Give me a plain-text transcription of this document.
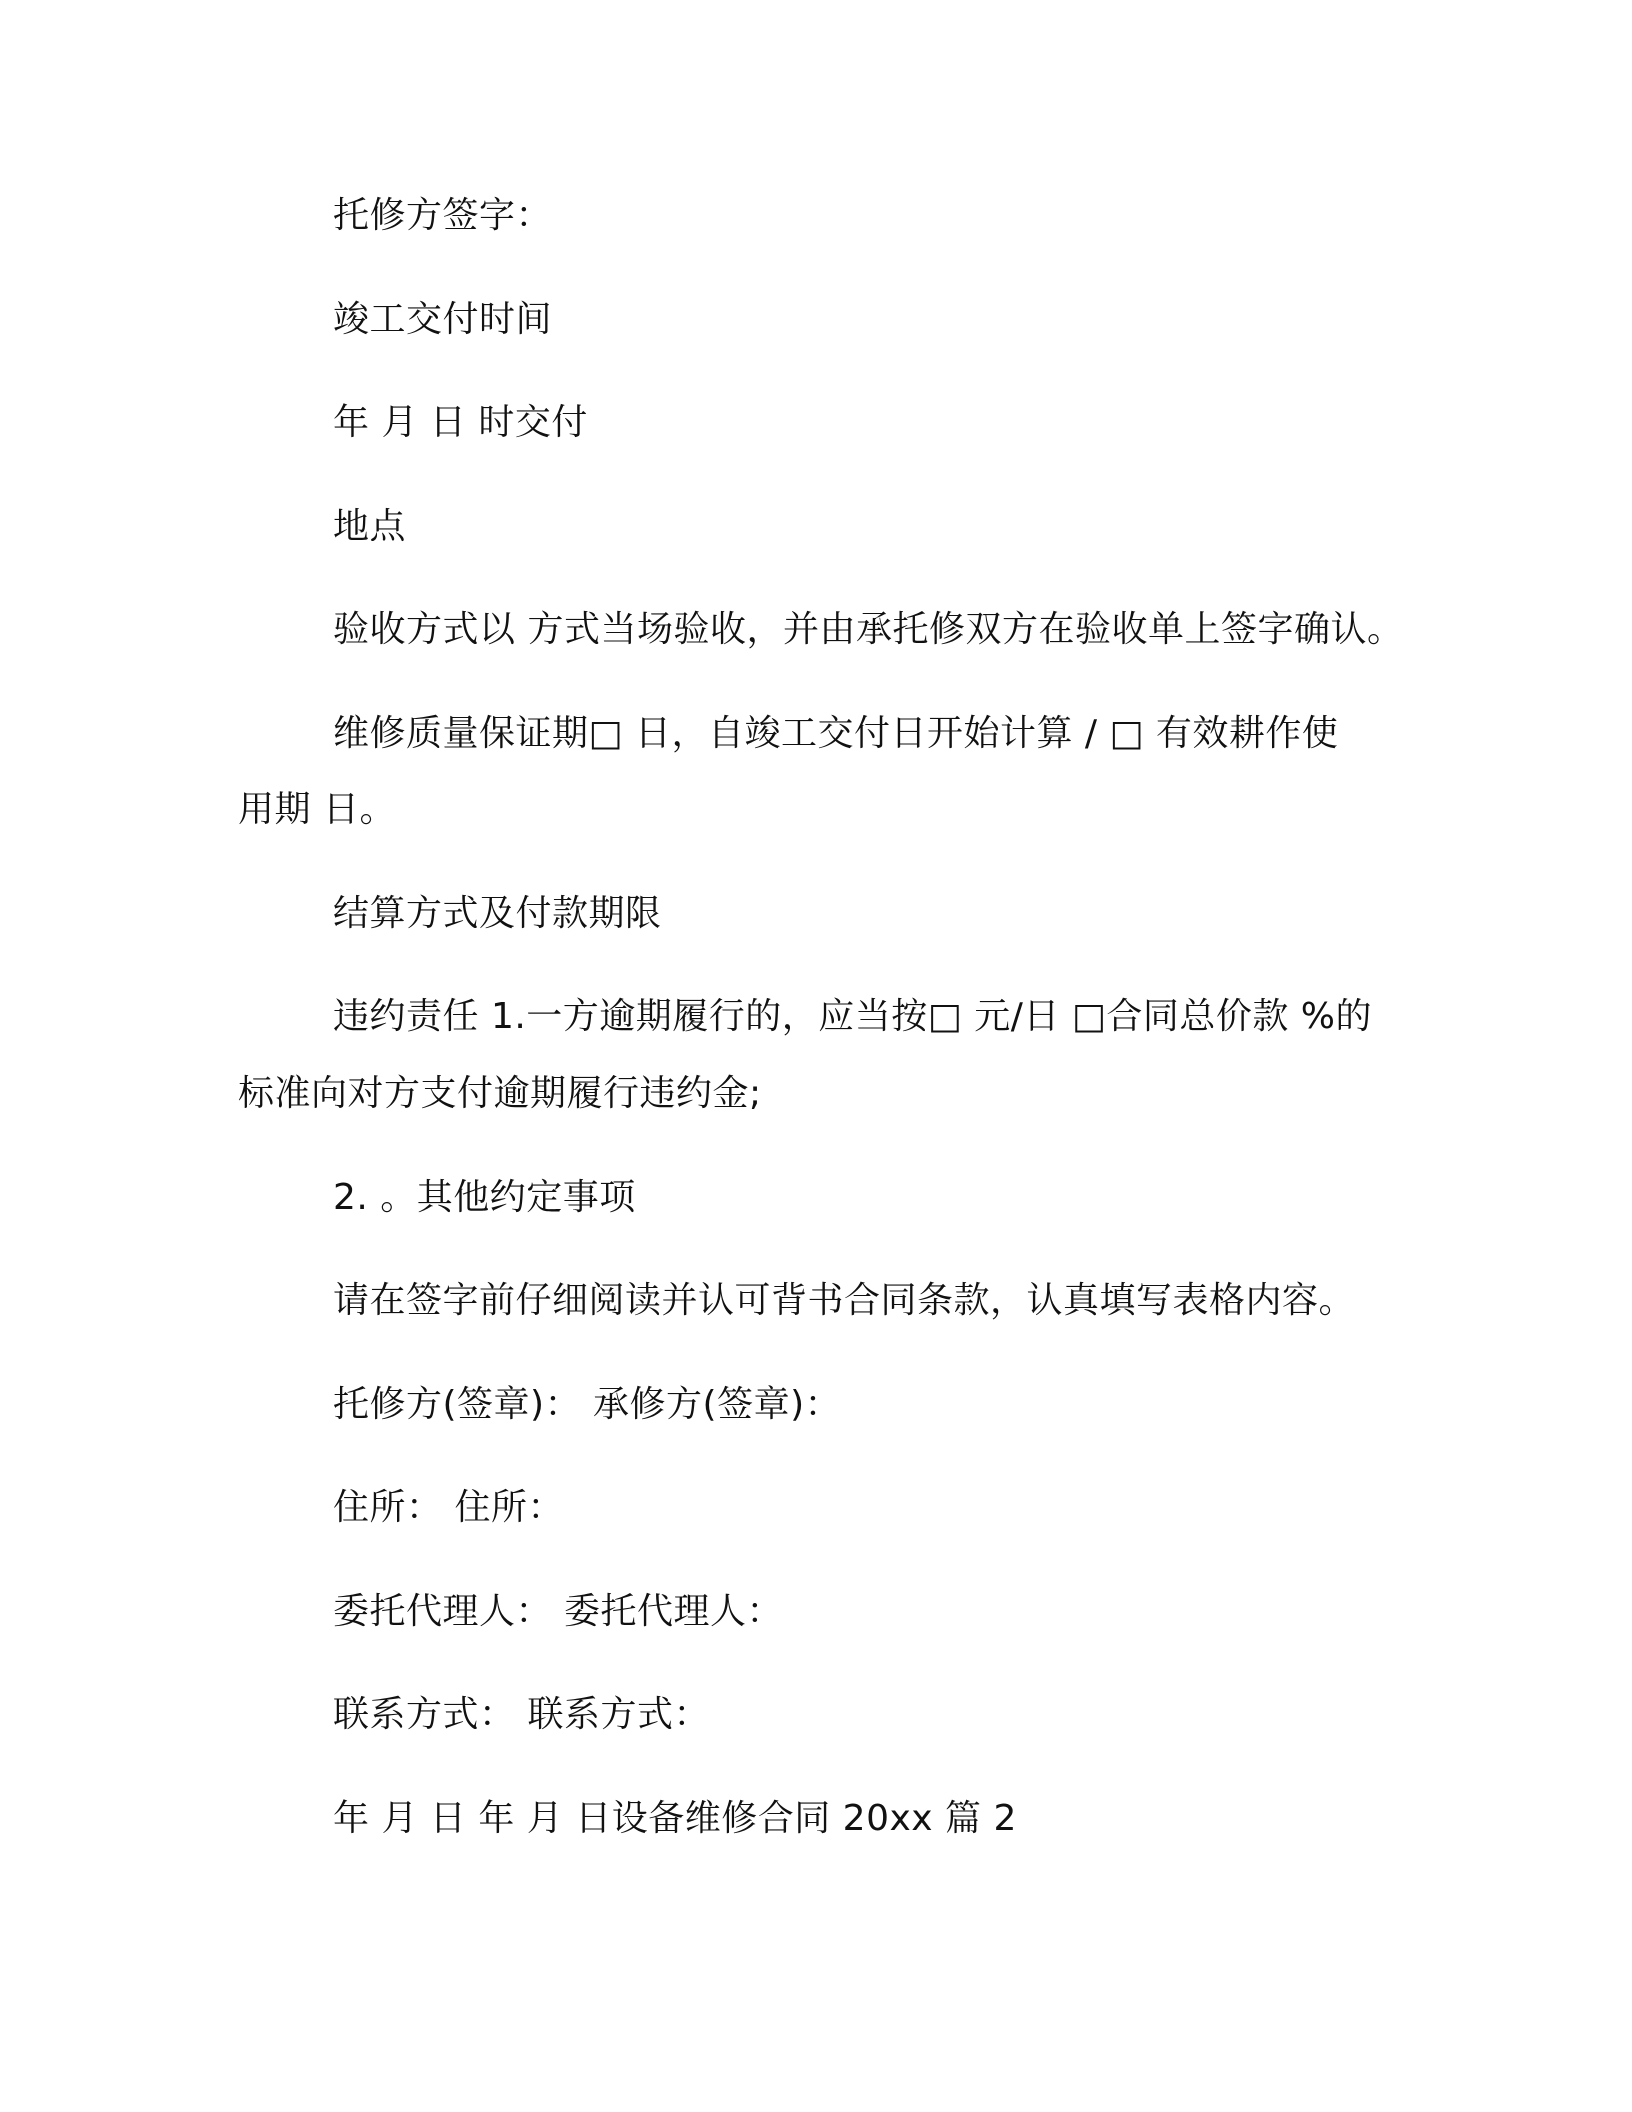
托修方签字：
竣工交付时间
年 月 日 时交付
地点
验收方式以 方式当场验收，并由承托修双方在验收单上签字确认。
维修质量保证期□ 日，自竣工交付日开始计算 / □ 有效耕作使
用期 日。
结算方式及付款期限
违约责任 1.一方逾期履行的，应当按□ 元/日 □合同总价款 %的
标准向对方支付逾期履行违约金;
2. 。其他约定事项
请在签字前仔细阅读并认可背书合同条款，认真填写表格内容。
托修方(签章)： 承修方(签章)：
住所： 住所：
委托代理人： 委托代理人：
联系方式： 联系方式：
年 月 日 年 月 日设备维修合同 20xx 篇 2
